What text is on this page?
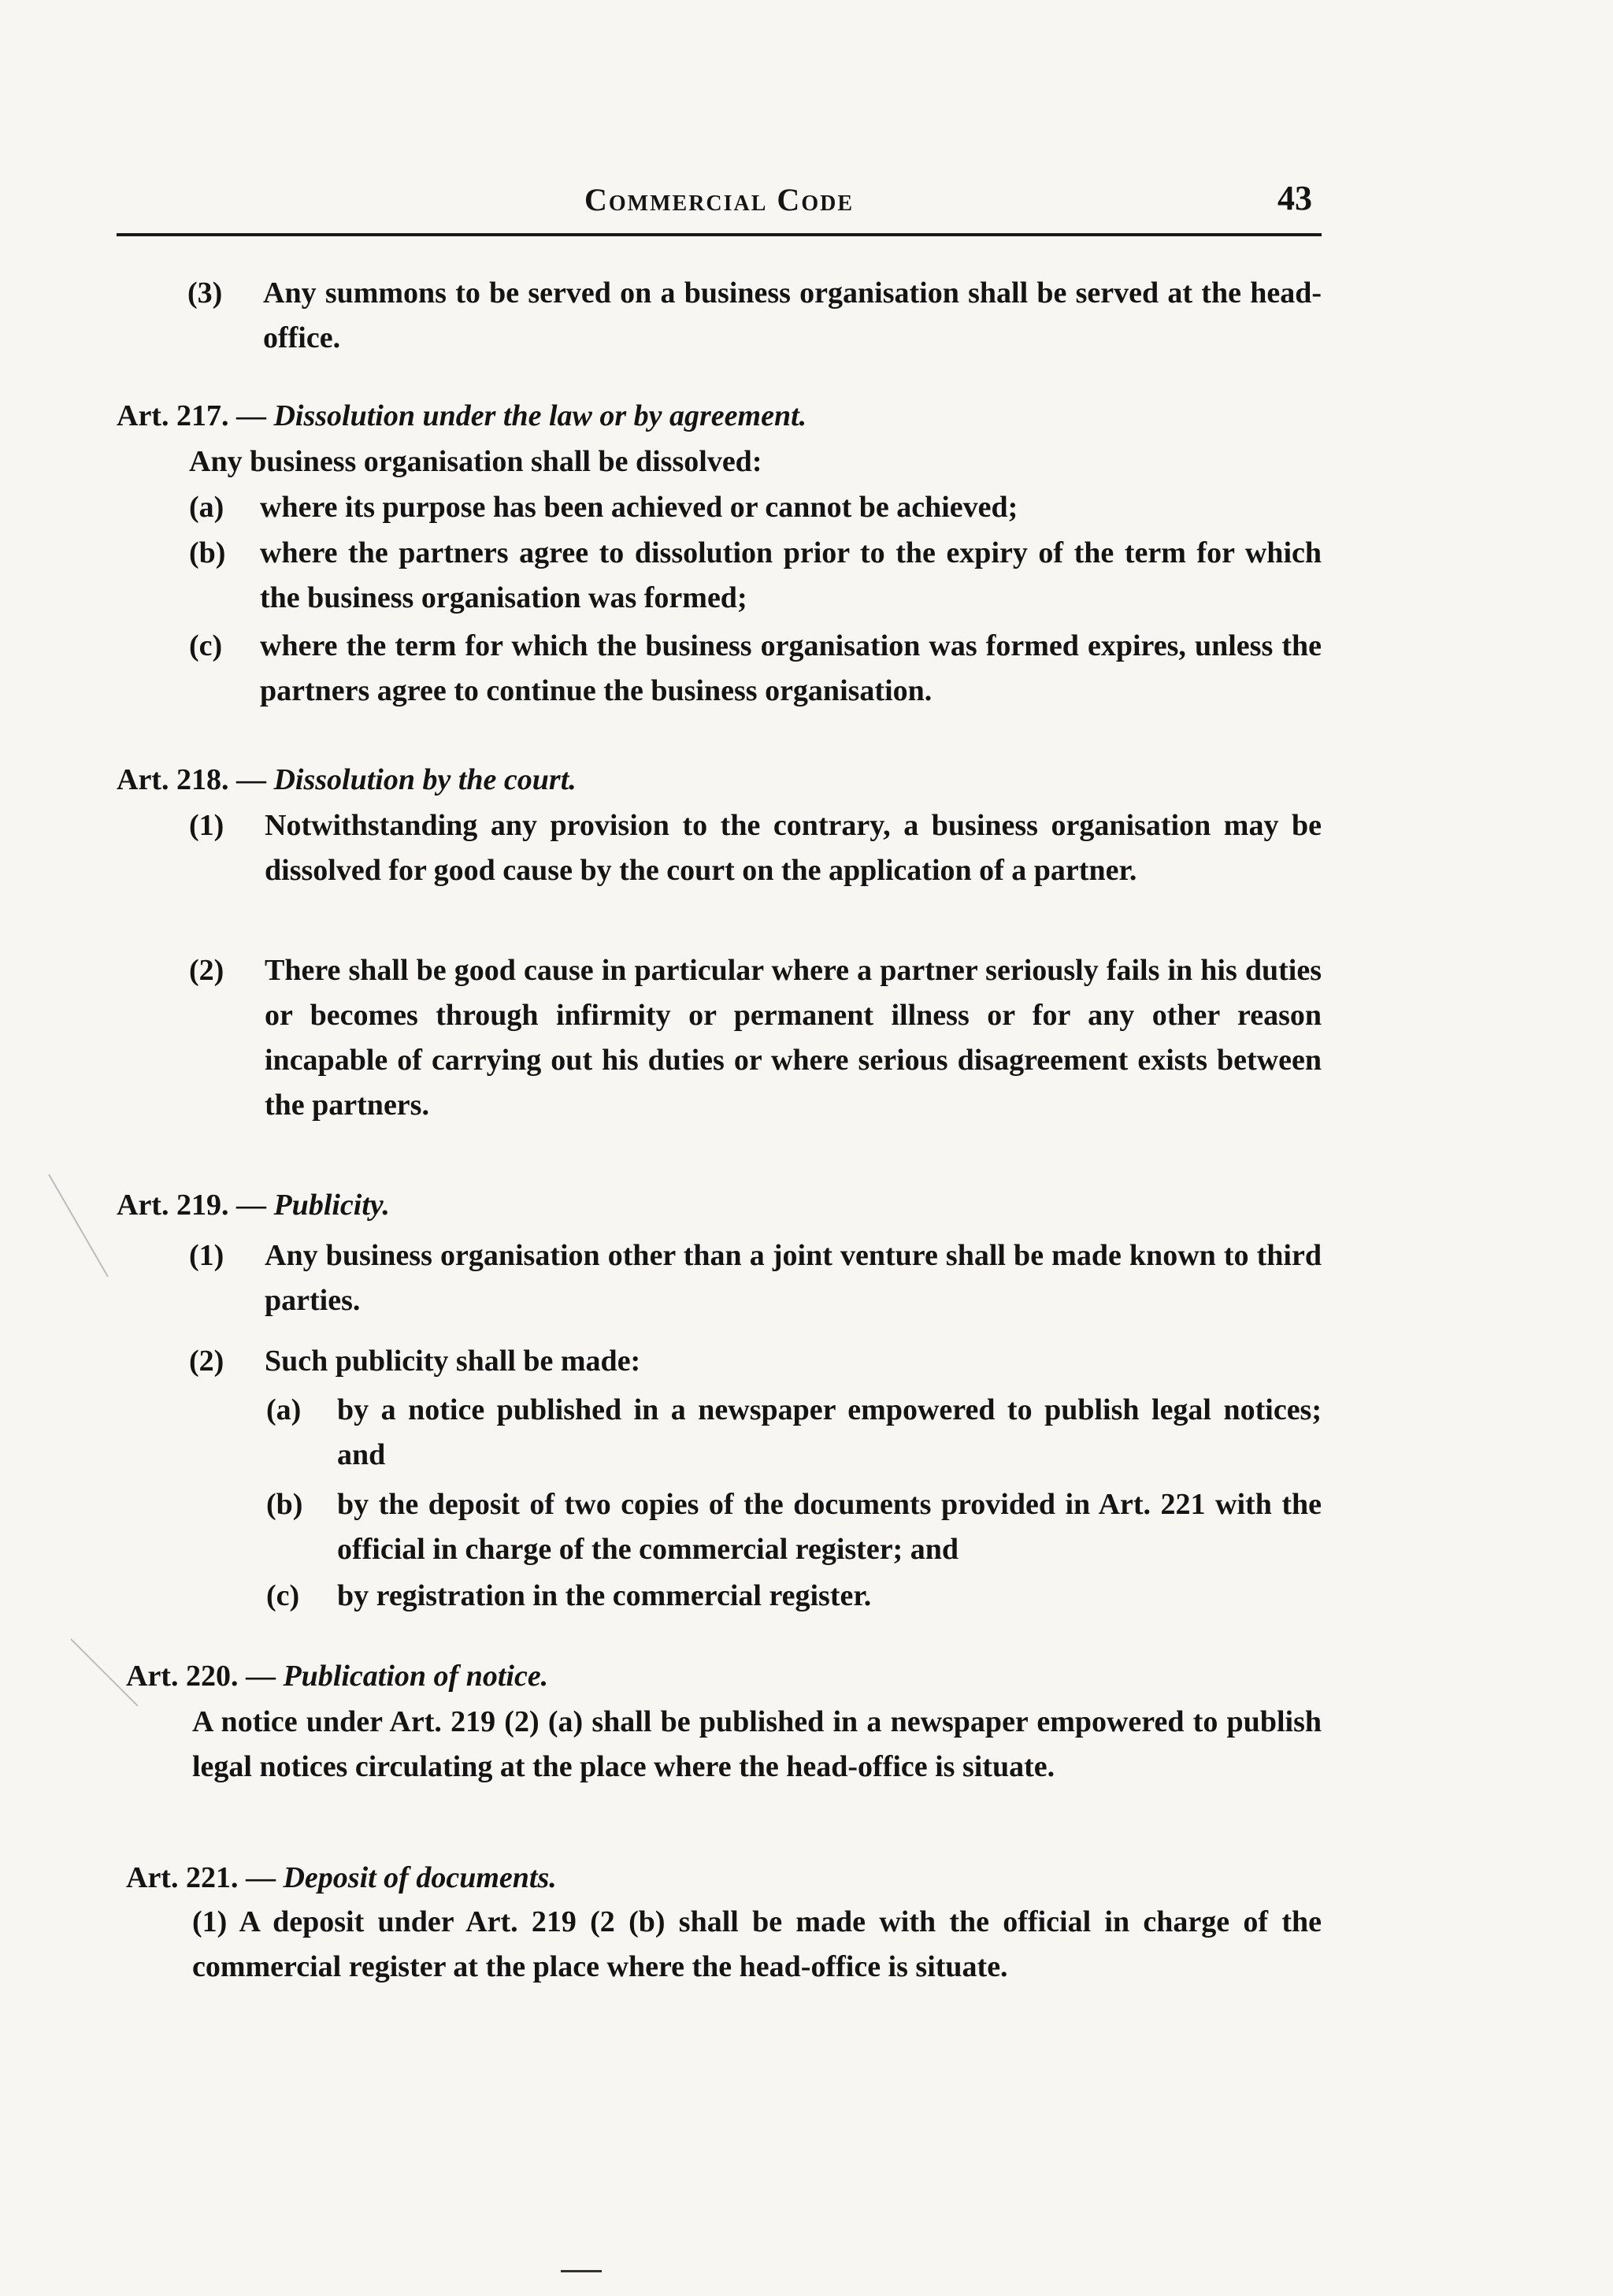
Commercial Code	43
(3)	Any summons to be served on a business organisation shall be served at the head-office.
Art. 217. — Dissolution under the law or by agreement.
Any business organisation shall be dissolved:
(a)	where its purpose has been achieved or cannot be achieved;
(b)	where the partners agree to dissolution prior to the expiry of the term for which the business organisation was formed;
(c)	where the term for which the business organisation was formed expires, unless the partners agree to continue the business organisation.
Art. 218. — Dissolution by the court.
(1)	Notwithstanding any provision to the contrary, a business organisation may be dissolved for good cause by the court on the application of a partner.
(2)	There shall be good cause in particular where a partner seriously fails in his duties or becomes through infirmity or permanent illness or for any other reason incapable of carrying out his duties or where serious disagreement exists between the partners.
Art. 219. — Publicity.
(1)	Any business organisation other than a joint venture shall be made known to third parties.
(2)	Such publicity shall be made:
(a)	by a notice published in a newspaper empowered to publish legal notices; and
(b)	by the deposit of two copies of the documents provided in Art. 221 with the official in charge of the commercial register; and
(c)	by registration in the commercial register.
Art. 220. — Publication of notice.
A notice under Art. 219 (2) (a) shall be published in a newspaper empowered to publish legal notices circulating at the place where the head-office is situate.
Art. 221. — Deposit of documents.
(1) A deposit under Art. 219 (2 (b) shall be made with the official in charge of the commercial register at the place where the head-office is situate.
